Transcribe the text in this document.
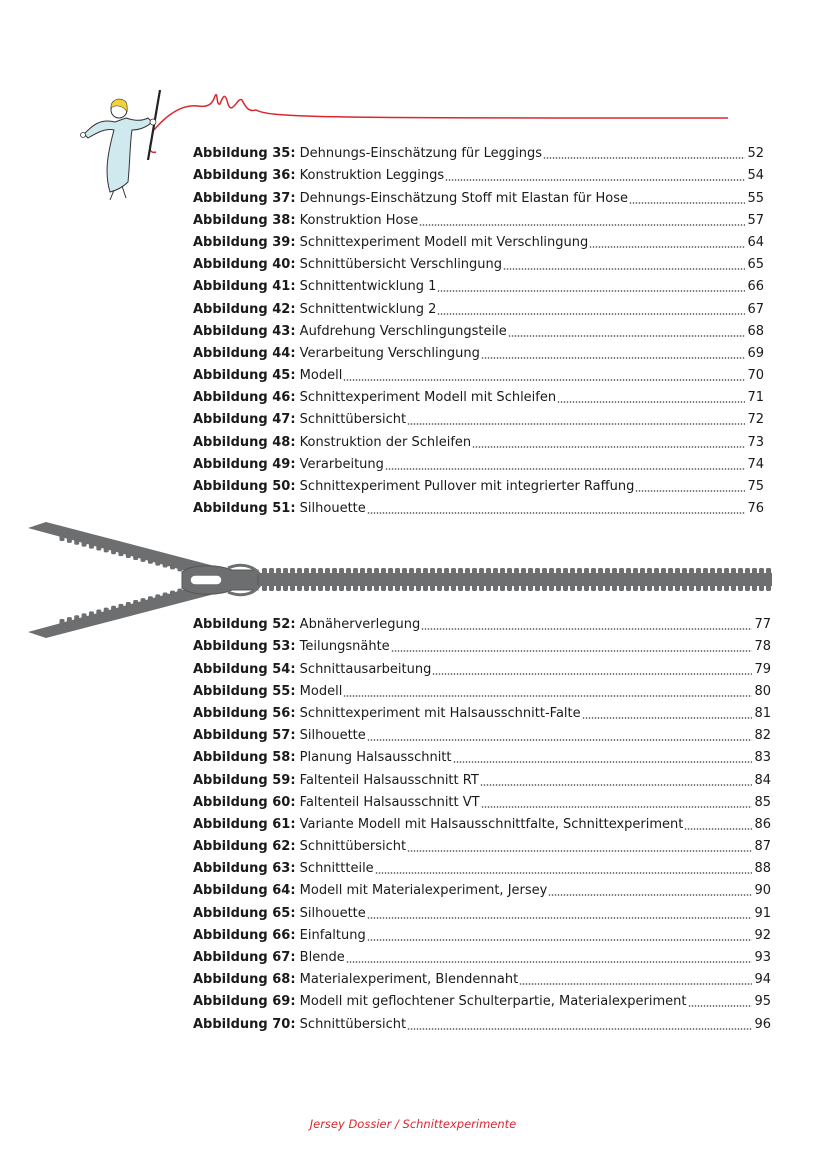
Abbildung 35: Dehnungs-Einschätzung für Leggings	52
Abbildung 36: Konstruktion Leggings	54
Abbildung 37: Dehnungs-Einschätzung Stoff mit Elastan für Hose	55
Abbildung 38: Konstruktion Hose	57
Abbildung 39: Schnittexperiment Modell mit Verschlingung	64
Abbildung 40: Schnittübersicht Verschlingung	65
Abbildung 41: Schnittentwicklung 1	66
Abbildung 42: Schnittentwicklung 2	67
Abbildung 43: Aufdrehung Verschlingungsteile	68
Abbildung 44: Verarbeitung Verschlingung	69
Abbildung 45: Modell	70
Abbildung 46: Schnittexperiment Modell mit Schleifen	71
Abbildung 47: Schnittübersicht	72
Abbildung 48: Konstruktion der Schleifen	73
Abbildung 49: Verarbeitung	74
Abbildung 50: Schnittexperiment Pullover mit integrierter Raffung	75
Abbildung 51: Silhouette	76
Abbildung 52: Abnäherverlegung	77
Abbildung 53: Teilungsnähte	78
Abbildung 54: Schnittausarbeitung	79
Abbildung 55: Modell	80
Abbildung 56: Schnittexperiment mit Halsausschnitt-Falte	81
Abbildung 57: Silhouette	82
Abbildung 58: Planung Halsausschnitt	83
Abbildung 59: Faltenteil Halsausschnitt RT	84
Abbildung 60: Faltenteil Halsausschnitt VT	85
Abbildung 61: Variante Modell mit Halsausschnittfalte, Schnittexperiment	86
Abbildung 62: Schnittübersicht	87
Abbildung 63: Schnittteile	88
Abbildung 64: Modell mit Materialexperiment, Jersey	90
Abbildung 65: Silhouette	91
Abbildung 66: Einfaltung	92
Abbildung 67: Blende	93
Abbildung 68: Materialexperiment, Blendennaht	94
Abbildung 69: Modell mit geflochtener Schulterpartie, Materialexperiment	95
Abbildung 70: Schnittübersicht	96
Jersey Dossier / Schnittexperimente
